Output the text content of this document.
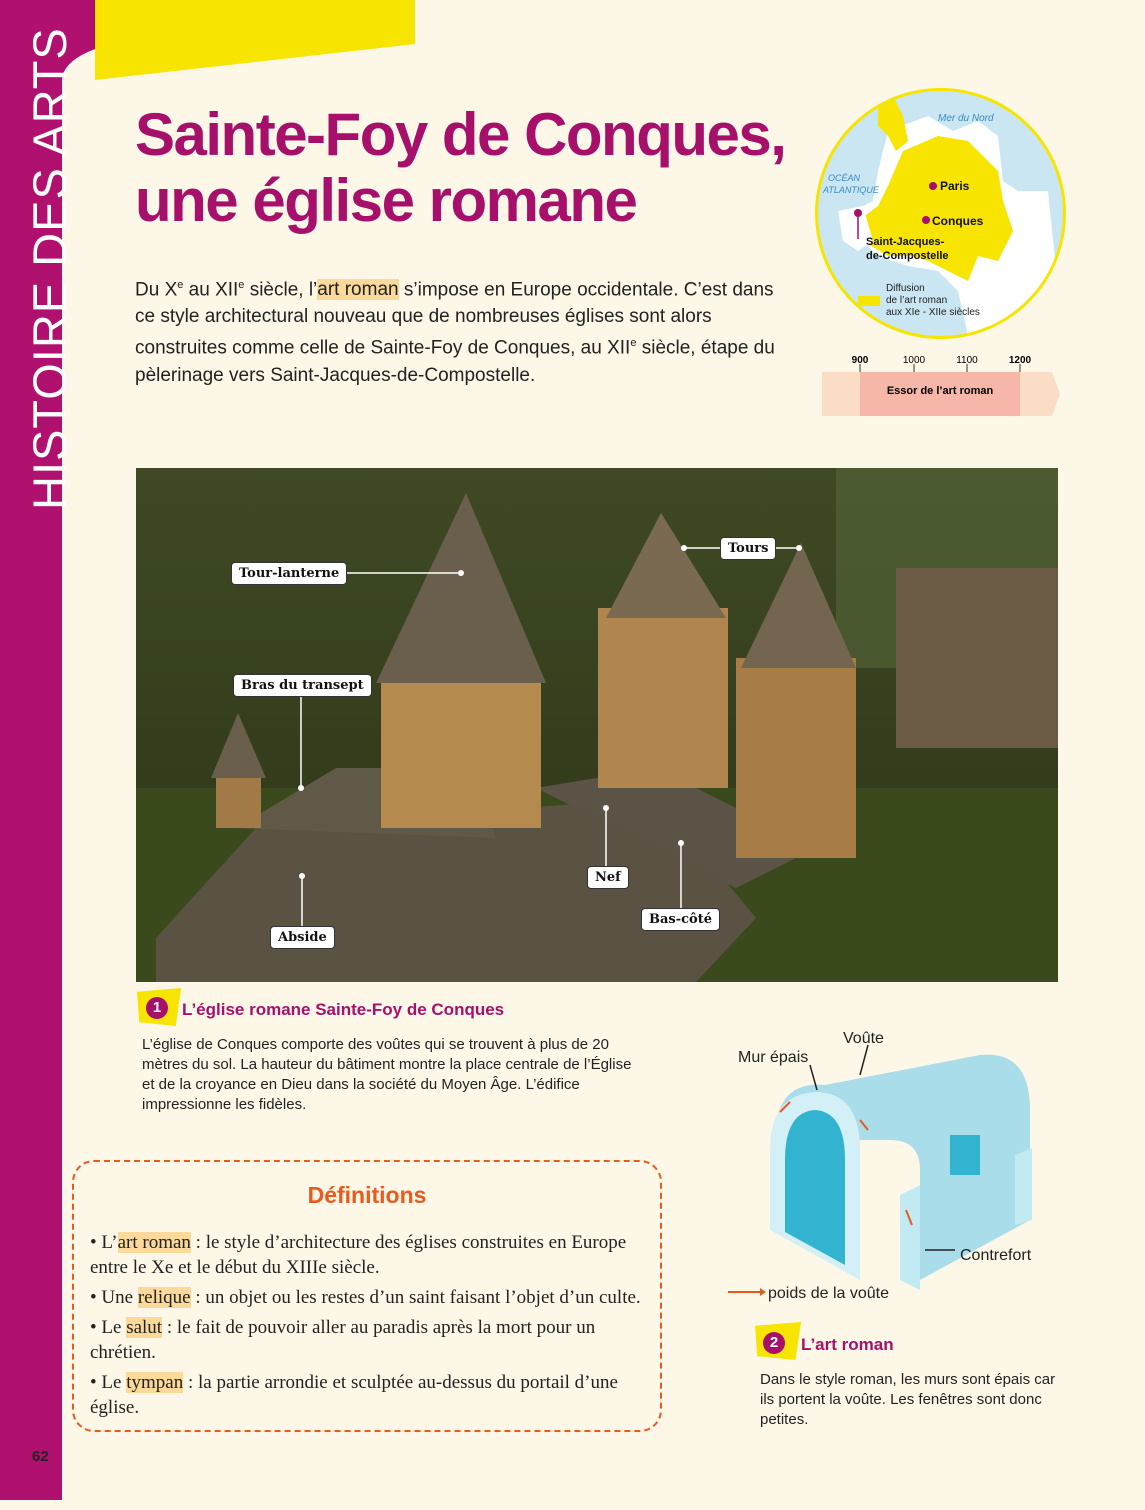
HISTOIRE DES ARTS Sainte-Foy de Conques,
une église romane
Du Xe au XIIe siècle, l’art roman s’impose en Europe occidentale. C’est dans ce style architectural nouveau que de nombreuses églises sont alors construites comme celle de Sainte-Foy de Conques, au XIIe siècle, étape du pèlerinage vers Saint-Jacques-de-Compostelle.
Mer du Nord
OCÉAN
ATLANTIQUE	Paris
Conques
Saint-Jacques-
de-Compostelle
Diffusion
de l’art roman
aux XIe - XIIe siècles
900	1000	1100	1200
Essor de l’art roman
Tour-lanterne
Tours
Bras du transept
Nef
Bas-côté
Abside
1	L’église romane Sainte-Foy de Conques
L’église de Conques comporte des voûtes qui se trouvent à plus de 20 mètres du sol. La hauteur du bâtiment montre la place centrale de l’Église et de la croyance en Dieu dans la société du Moyen Âge. L’édifice impressionne les fidèles.
Définitions
• L’art roman : le style d’architecture des églises construites en Europe entre le Xe et le début du XIIIe siècle.
• Une relique : un objet ou les restes d’un saint faisant l’objet d’un culte.
• Le salut : le fait de pouvoir aller au paradis après la mort pour un chrétien.
• Le tympan : la partie arrondie et sculptée au-dessus du portail d’une église.
Voûte
Mur épais
Contrefort
poids de la voûte
2	L’art roman
Dans le style roman, les murs sont épais car ils portent la voûte. Les fenêtres sont donc petites.
62
